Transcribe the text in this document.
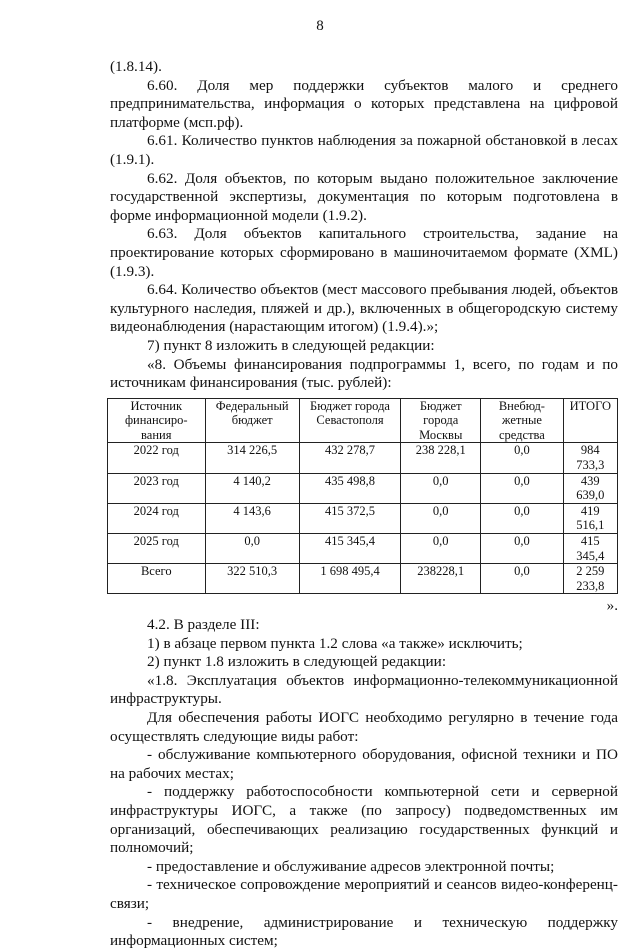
8

(1.8.14).

6.60. Доля мер поддержки субъектов малого и среднего предпринимательства, информация о которых представлена на цифровой платформе (мсп.рф).

6.61. Количество пунктов наблюдения за пожарной обстановкой в лесах (1.9.1).

6.62. Доля объектов, по которым выдано положительное заключение государственной экспертизы, документация по которым подготовлена в форме информационной модели (1.9.2).

6.63. Доля объектов капитального строительства, задание на проектирование которых сформировано в машиночитаемом формате (XML) (1.9.3).

6.64. Количество объектов (мест массового пребывания людей, объектов культурного наследия, пляжей и др.), включенных в общегородскую систему видеонаблюдения (нарастающим итогом) (1.9.4).»;

7) пункт 8 изложить в следующей редакции:

«8. Объемы финансирования подпрограммы 1, всего, по годам и по источникам финансирования (тыс. рублей):

Источник финансиро-вания	Федеральный бюджет	Бюджет города Севастополя	Бюджет города Москвы	Внебюд-жетные средства	ИТОГО
2022 год	314 226,5	432 278,7	238 228,1	0,0	984 733,3
2023 год	4 140,2	435 498,8	0,0	0,0	439 639,0
2024 год	4 143,6	415 372,5	0,0	0,0	419 516,1
2025 год	0,0	415 345,4	0,0	0,0	415 345,4
Всего	322 510,3	1 698 495,4	238228,1	0,0	2 259 233,8

».

4.2. В разделе III:

1) в абзаце первом пункта 1.2 слова «а также» исключить;

2) пункт 1.8 изложить в следующей редакции:

«1.8. Эксплуатация объектов информационно-телекоммуникационной инфраструктуры.

Для обеспечения работы ИОГС необходимо регулярно в течение года осуществлять следующие виды работ:

- обслуживание компьютерного оборудования, офисной техники и ПО на рабочих местах;

- поддержку работоспособности компьютерной сети и серверной инфраструктуры ИОГС, а также (по запросу) подведомственных им организаций, обеспечивающих реализацию государственных функций и полномочий;

- предоставление и обслуживание адресов электронной почты;

- техническое сопровождение мероприятий и сеансов видео-конференц-связи;

- внедрение, администрирование и техническую поддержку информационных систем;
